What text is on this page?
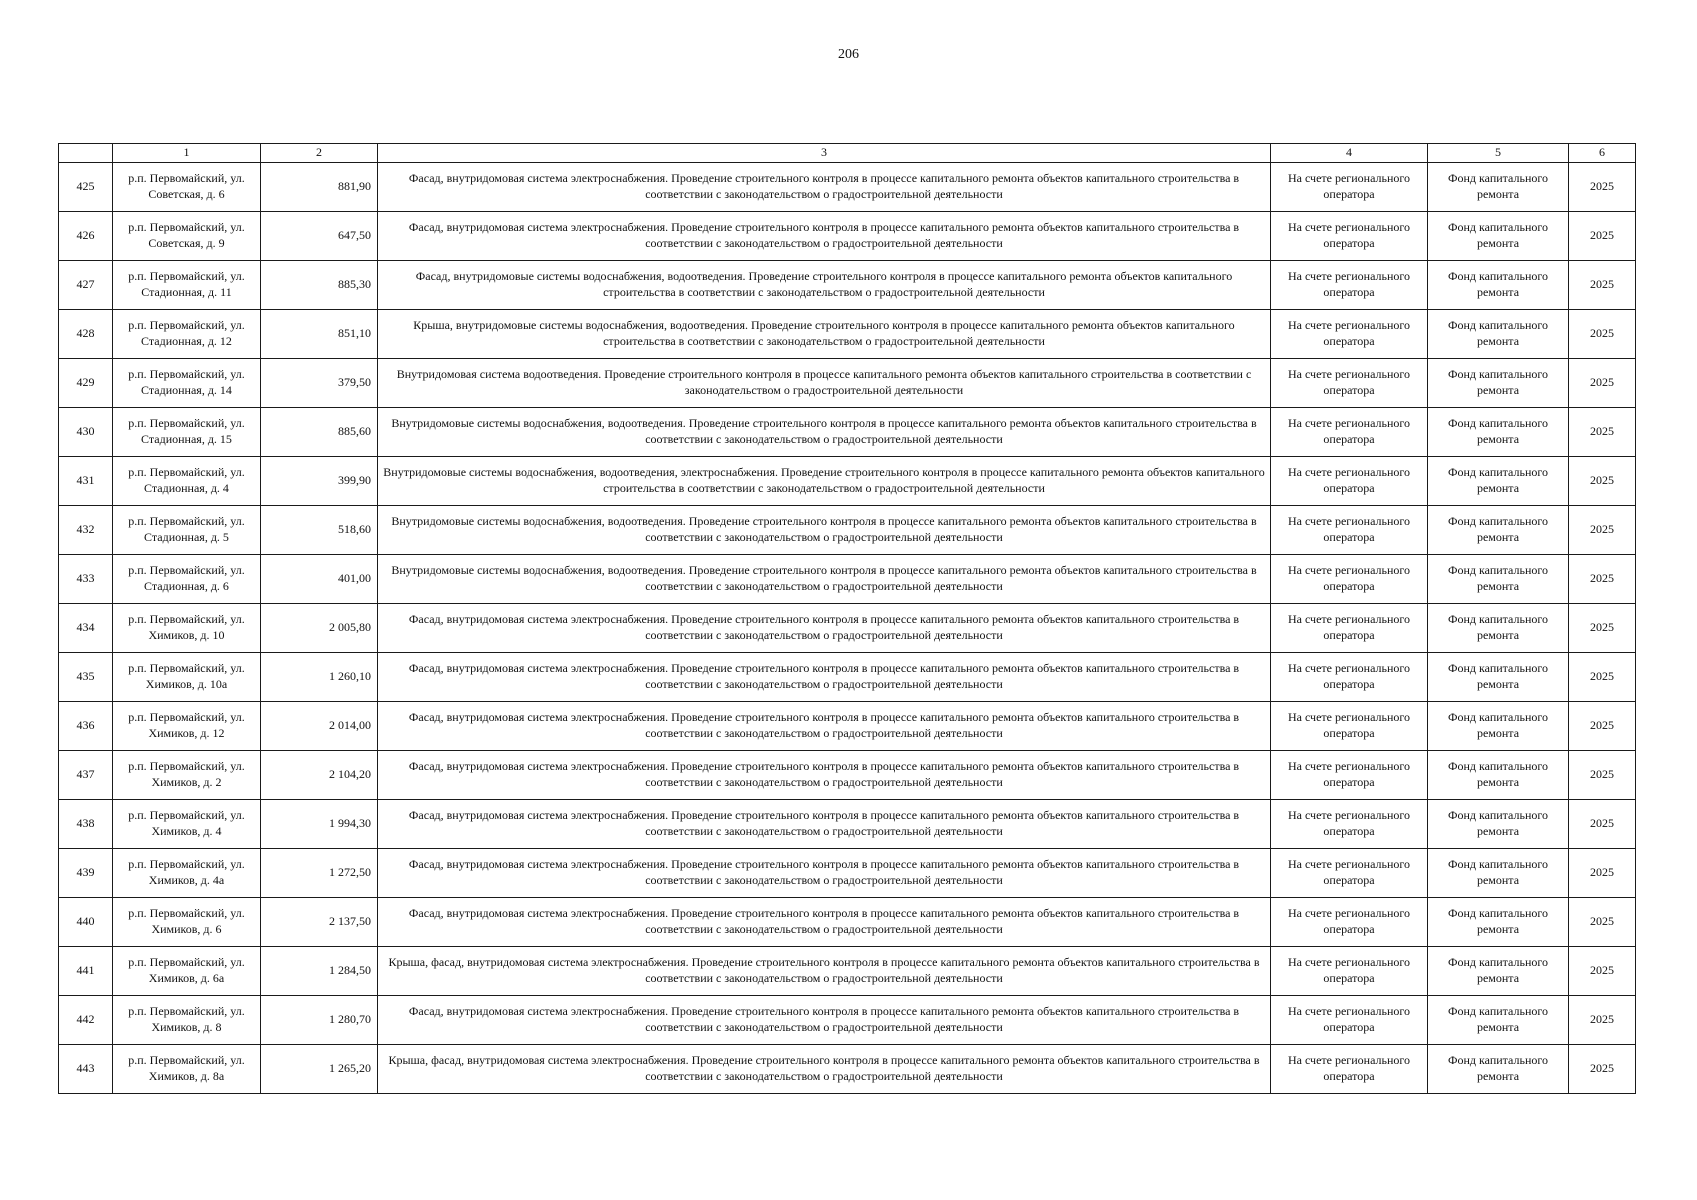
206
	1	2	3	4	5	6
425	р.п. Первомайский, ул. Советская, д. 6	881,90	Фасад, внутридомовая система электроснабжения. Проведение строительного контроля в процессе капитального ремонта объектов капитального строительства в соответствии с законодательством о градостроительной деятельности	На счете регионального оператора	Фонд капитального ремонта	2025
426	р.п. Первомайский, ул. Советская, д. 9	647,50	Фасад, внутридомовая система электроснабжения. Проведение строительного контроля в процессе капитального ремонта объектов капитального строительства в соответствии с законодательством о градостроительной деятельности	На счете регионального оператора	Фонд капитального ремонта	2025
427	р.п. Первомайский, ул. Стадионная, д. 11	885,30	Фасад, внутридомовые системы водоснабжения, водоотведения. Проведение строительного контроля в процессе капитального ремонта объектов капитального строительства в соответствии с законодательством о градостроительной деятельности	На счете регионального оператора	Фонд капитального ремонта	2025
428	р.п. Первомайский, ул. Стадионная, д. 12	851,10	Крыша, внутридомовые системы водоснабжения, водоотведения. Проведение строительного контроля в процессе капитального ремонта объектов капитального строительства в соответствии с законодательством о градостроительной деятельности	На счете регионального оператора	Фонд капитального ремонта	2025
429	р.п. Первомайский, ул. Стадионная, д. 14	379,50	Внутридомовая система водоотведения. Проведение строительного контроля в процессе капитального ремонта объектов капитального строительства в соответствии с законодательством о градостроительной деятельности	На счете регионального оператора	Фонд капитального ремонта	2025
430	р.п. Первомайский, ул. Стадионная, д. 15	885,60	Внутридомовые системы водоснабжения, водоотведения. Проведение строительного контроля в процессе капитального ремонта объектов капитального строительства в соответствии с законодательством о градостроительной деятельности	На счете регионального оператора	Фонд капитального ремонта	2025
431	р.п. Первомайский, ул. Стадионная, д. 4	399,90	Внутридомовые системы водоснабжения, водоотведения, электроснабжения. Проведение строительного контроля в процессе капитального ремонта объектов капитального строительства в соответствии с законодательством о градостроительной деятельности	На счете регионального оператора	Фонд капитального ремонта	2025
432	р.п. Первомайский, ул. Стадионная, д. 5	518,60	Внутридомовые системы водоснабжения, водоотведения. Проведение строительного контроля в процессе капитального ремонта объектов капитального строительства в соответствии с законодательством о градостроительной деятельности	На счете регионального оператора	Фонд капитального ремонта	2025
433	р.п. Первомайский, ул. Стадионная, д. 6	401,00	Внутридомовые системы водоснабжения, водоотведения. Проведение строительного контроля в процессе капитального ремонта объектов капитального строительства в соответствии с законодательством о градостроительной деятельности	На счете регионального оператора	Фонд капитального ремонта	2025
434	р.п. Первомайский, ул. Химиков, д. 10	2 005,80	Фасад, внутридомовая система электроснабжения. Проведение строительного контроля в процессе капитального ремонта объектов капитального строительства в соответствии с законодательством о градостроительной деятельности	На счете регионального оператора	Фонд капитального ремонта	2025
435	р.п. Первомайский, ул. Химиков, д. 10а	1 260,10	Фасад, внутридомовая система электроснабжения. Проведение строительного контроля в процессе капитального ремонта объектов капитального строительства в соответствии с законодательством о градостроительной деятельности	На счете регионального оператора	Фонд капитального ремонта	2025
436	р.п. Первомайский, ул. Химиков, д. 12	2 014,00	Фасад, внутридомовая система электроснабжения. Проведение строительного контроля в процессе капитального ремонта объектов капитального строительства в соответствии с законодательством о градостроительной деятельности	На счете регионального оператора	Фонд капитального ремонта	2025
437	р.п. Первомайский, ул. Химиков, д. 2	2 104,20	Фасад, внутридомовая система электроснабжения. Проведение строительного контроля в процессе капитального ремонта объектов капитального строительства в соответствии с законодательством о градостроительной деятельности	На счете регионального оператора	Фонд капитального ремонта	2025
438	р.п. Первомайский, ул. Химиков, д. 4	1 994,30	Фасад, внутридомовая система электроснабжения. Проведение строительного контроля в процессе капитального ремонта объектов капитального строительства в соответствии с законодательством о градостроительной деятельности	На счете регионального оператора	Фонд капитального ремонта	2025
439	р.п. Первомайский, ул. Химиков, д. 4а	1 272,50	Фасад, внутридомовая система электроснабжения. Проведение строительного контроля в процессе капитального ремонта объектов капитального строительства в соответствии с законодательством о градостроительной деятельности	На счете регионального оператора	Фонд капитального ремонта	2025
440	р.п. Первомайский, ул. Химиков, д. 6	2 137,50	Фасад, внутридомовая система электроснабжения. Проведение строительного контроля в процессе капитального ремонта объектов капитального строительства в соответствии с законодательством о градостроительной деятельности	На счете регионального оператора	Фонд капитального ремонта	2025
441	р.п. Первомайский, ул. Химиков, д. 6а	1 284,50	Крыша, фасад, внутридомовая система электроснабжения. Проведение строительного контроля в процессе капитального ремонта объектов капитального строительства в соответствии с законодательством о градостроительной деятельности	На счете регионального оператора	Фонд капитального ремонта	2025
442	р.п. Первомайский, ул. Химиков, д. 8	1 280,70	Фасад, внутридомовая система электроснабжения. Проведение строительного контроля в процессе капитального ремонта объектов капитального строительства в соответствии с законодательством о градостроительной деятельности	На счете регионального оператора	Фонд капитального ремонта	2025
443	р.п. Первомайский, ул. Химиков, д. 8а	1 265,20	Крыша, фасад, внутридомовая система электроснабжения. Проведение строительного контроля в процессе капитального ремонта объектов капитального строительства в соответствии с законодательством о градостроительной деятельности	На счете регионального оператора	Фонд капитального ремонта	2025
